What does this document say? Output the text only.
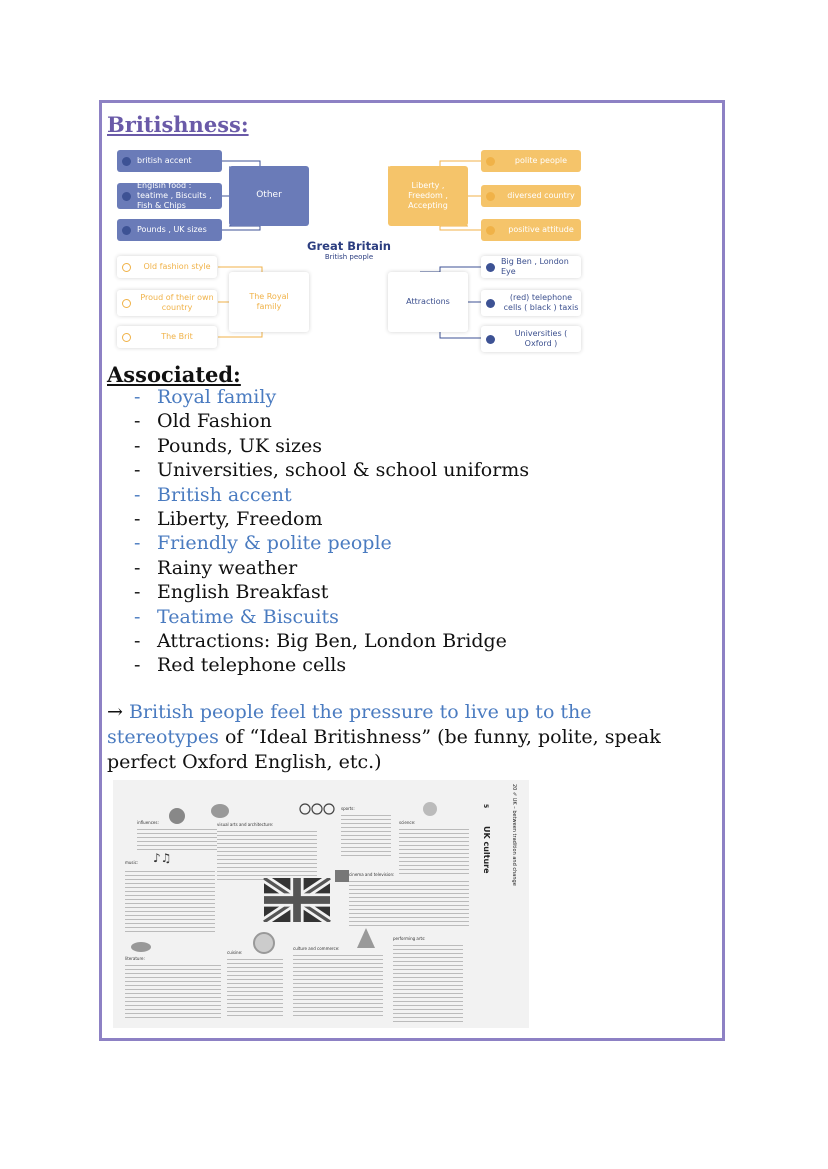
Britishness:
british accent
Englsih food : teatime , Biscuits , Fish & Chips
Pounds , UK sizes
Other
Liberty , Freedom , Accepting
polite people
diversed country
positive attitude
Great Britain
British people
Old fashion style
Proud of their own country
The Brit
The Royal family
Attractions
Big Ben , London Eye
(red) telephone cells ( black ) taxis
Universities ( Oxford )
Associated:
- Royal family
- Old Fashion
- Pounds, UK sizes
- Universities, school & school uniforms
- British accent
- Liberty, Freedom
- Friendly & polite people
- Rainy weather
- English Breakfast
- Teatime & Biscuits
- Attractions: Big Ben, London Bridge
- Red telephone cells
→ British people feel the pressure to live up to the stereotypes of “Ideal Britishness” (be funny, polite, speak perfect Oxford English, etc.)
influences:	visual arts and architecture:
sports:
science:
5
UK culture	20 ✐ UK – between tradition and change
music: ♪♫
cinema and television:
literature:
cuisine:
culture and commerce:
performing arts:
